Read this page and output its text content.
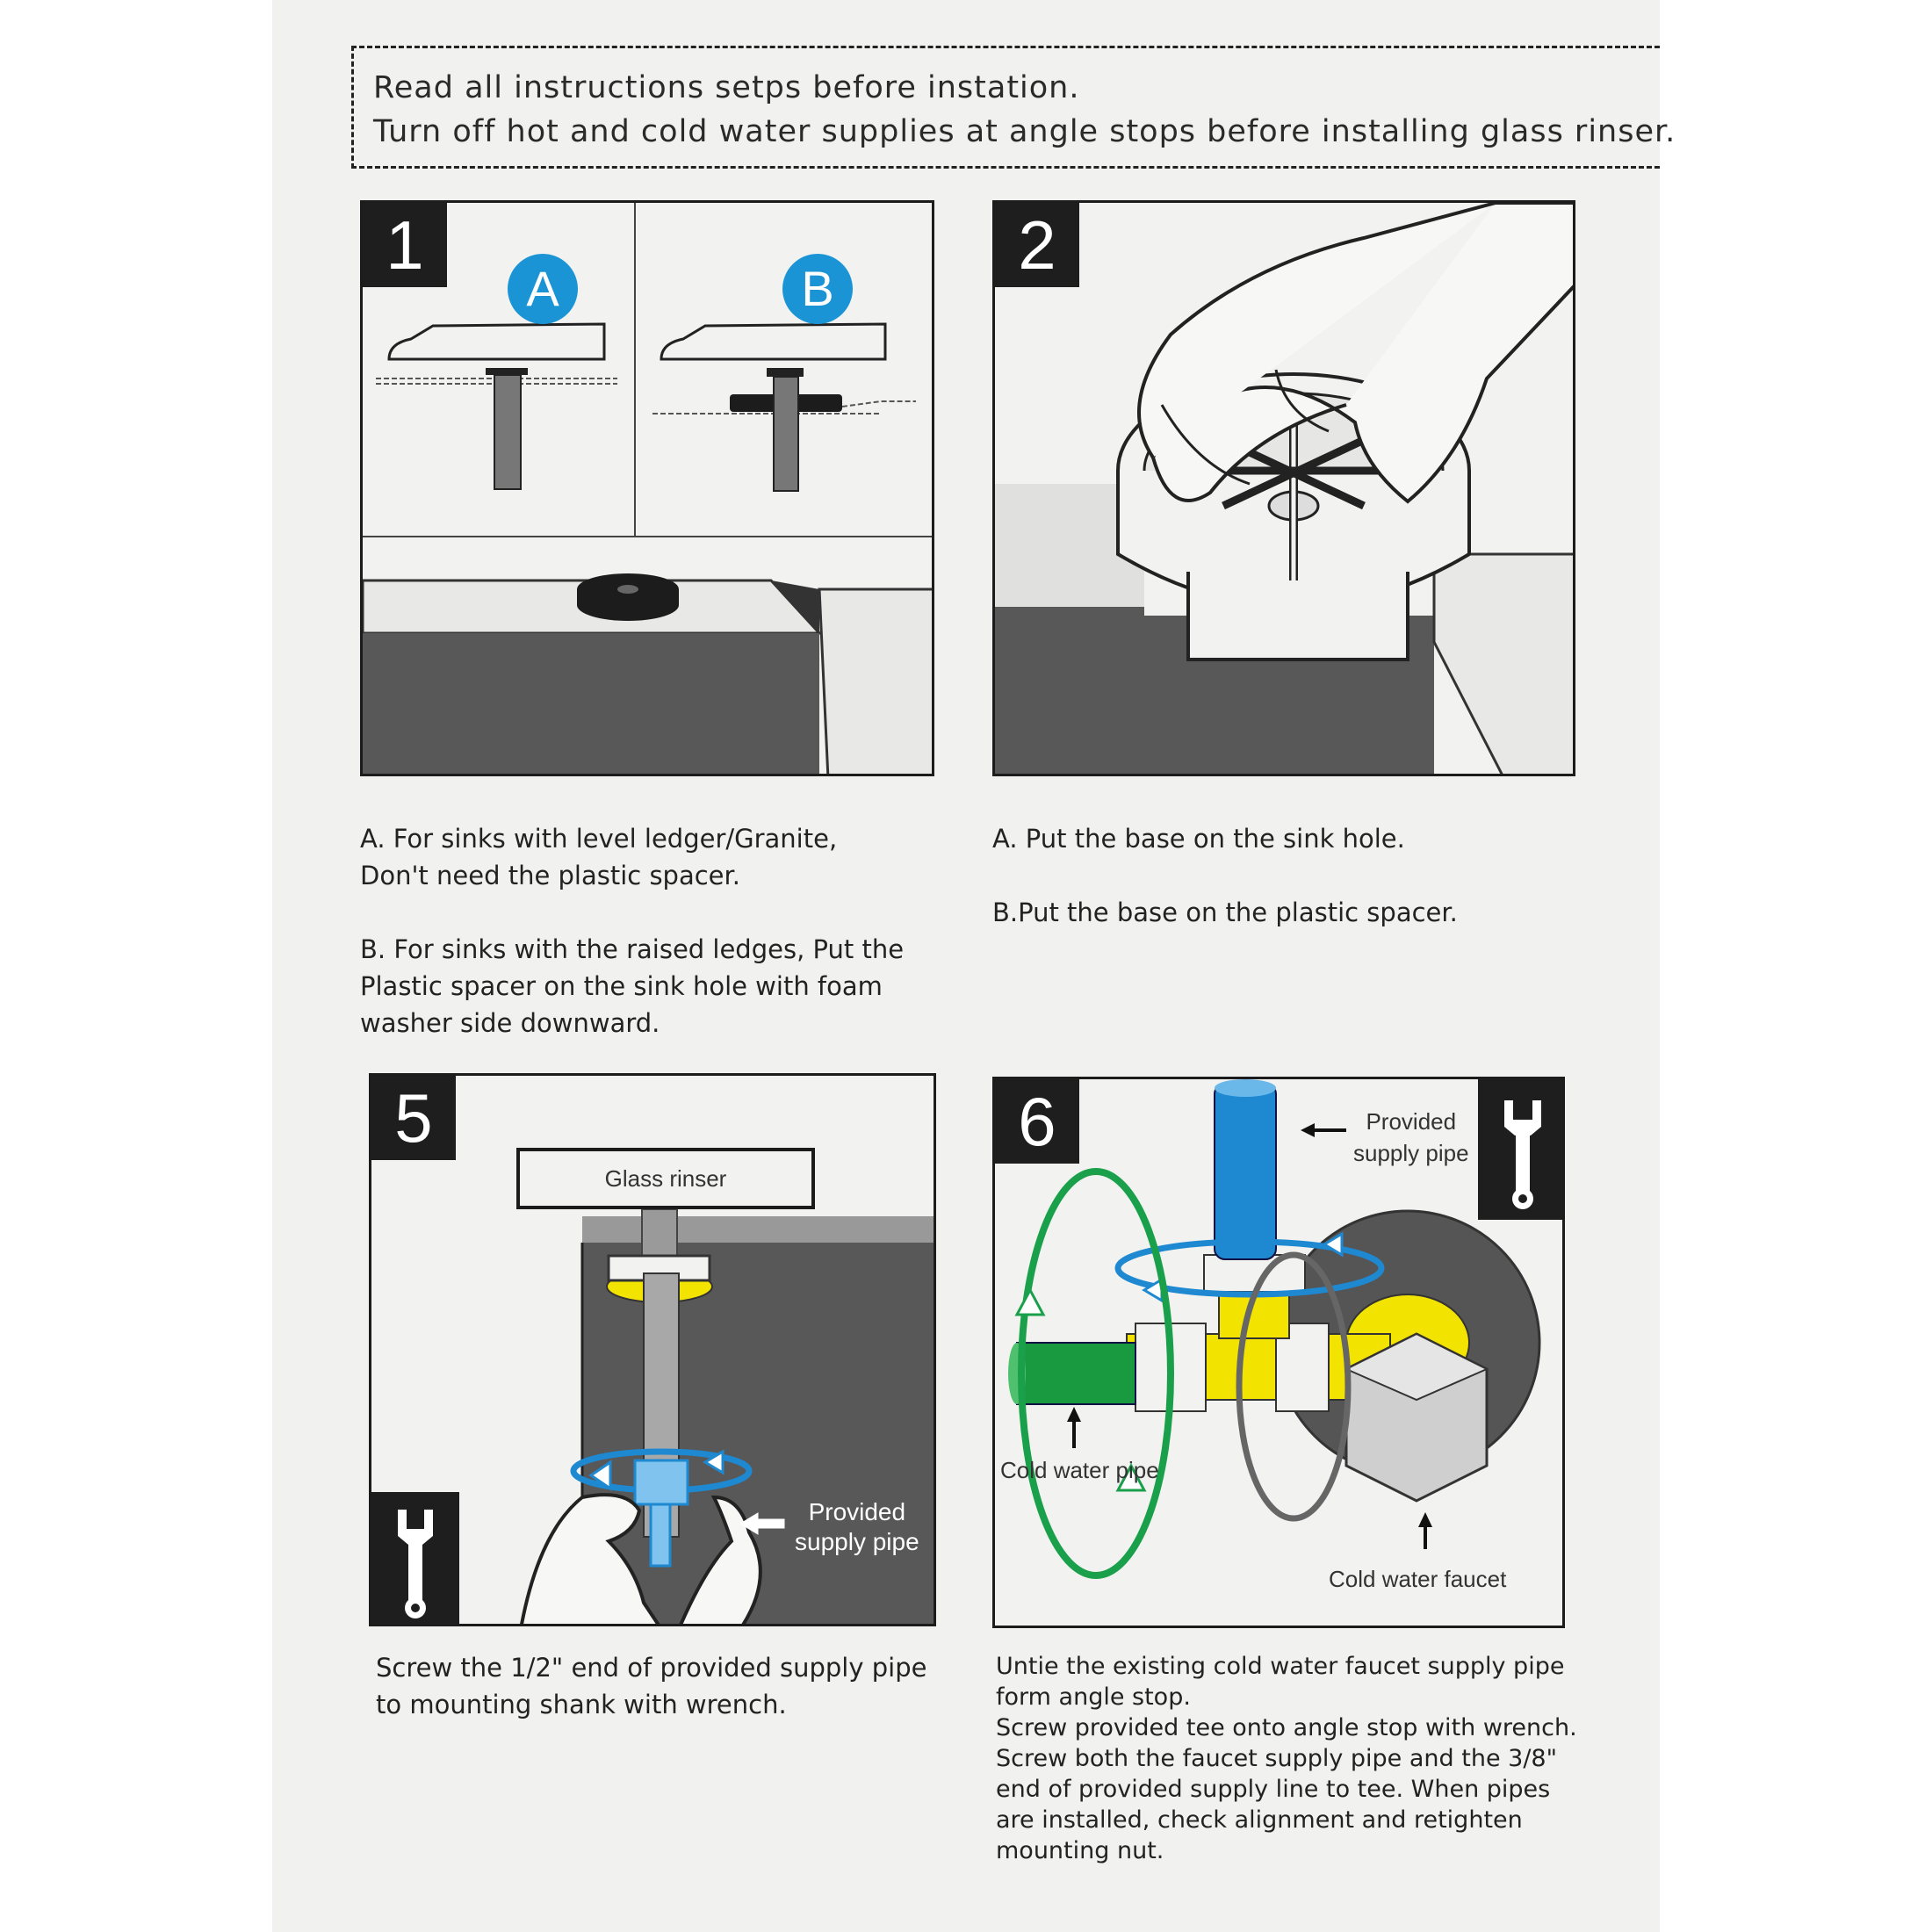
Read all instructions setps before instation.
Turn off hot and cold water supplies at angle stops before installing glass rinser.
1
A	B

A. For sinks with level ledger/Granite,

Don't need the plastic spacer.

B. For sinks with the raised ledges, Put the

Plastic spacer on the sink hole with foam

washer side downward.

2

A. Put the base on the sink hole.

B.Put the base on the plastic spacer.

5
Glass rinser

Provided

supply pipe

Screw the 1/2" end of provided supply pipe

to mounting shank with wrench.

6	Provided

supply pipe

Cold water pipe
Cold water faucet

Untie the existing cold water faucet supply pipe

form angle stop.

Screw provided tee onto angle stop with wrench.

Screw both the faucet supply pipe and the 3/8"

end of provided supply line to tee. When pipes

are installed, check alignment and retighten

mounting nut.
